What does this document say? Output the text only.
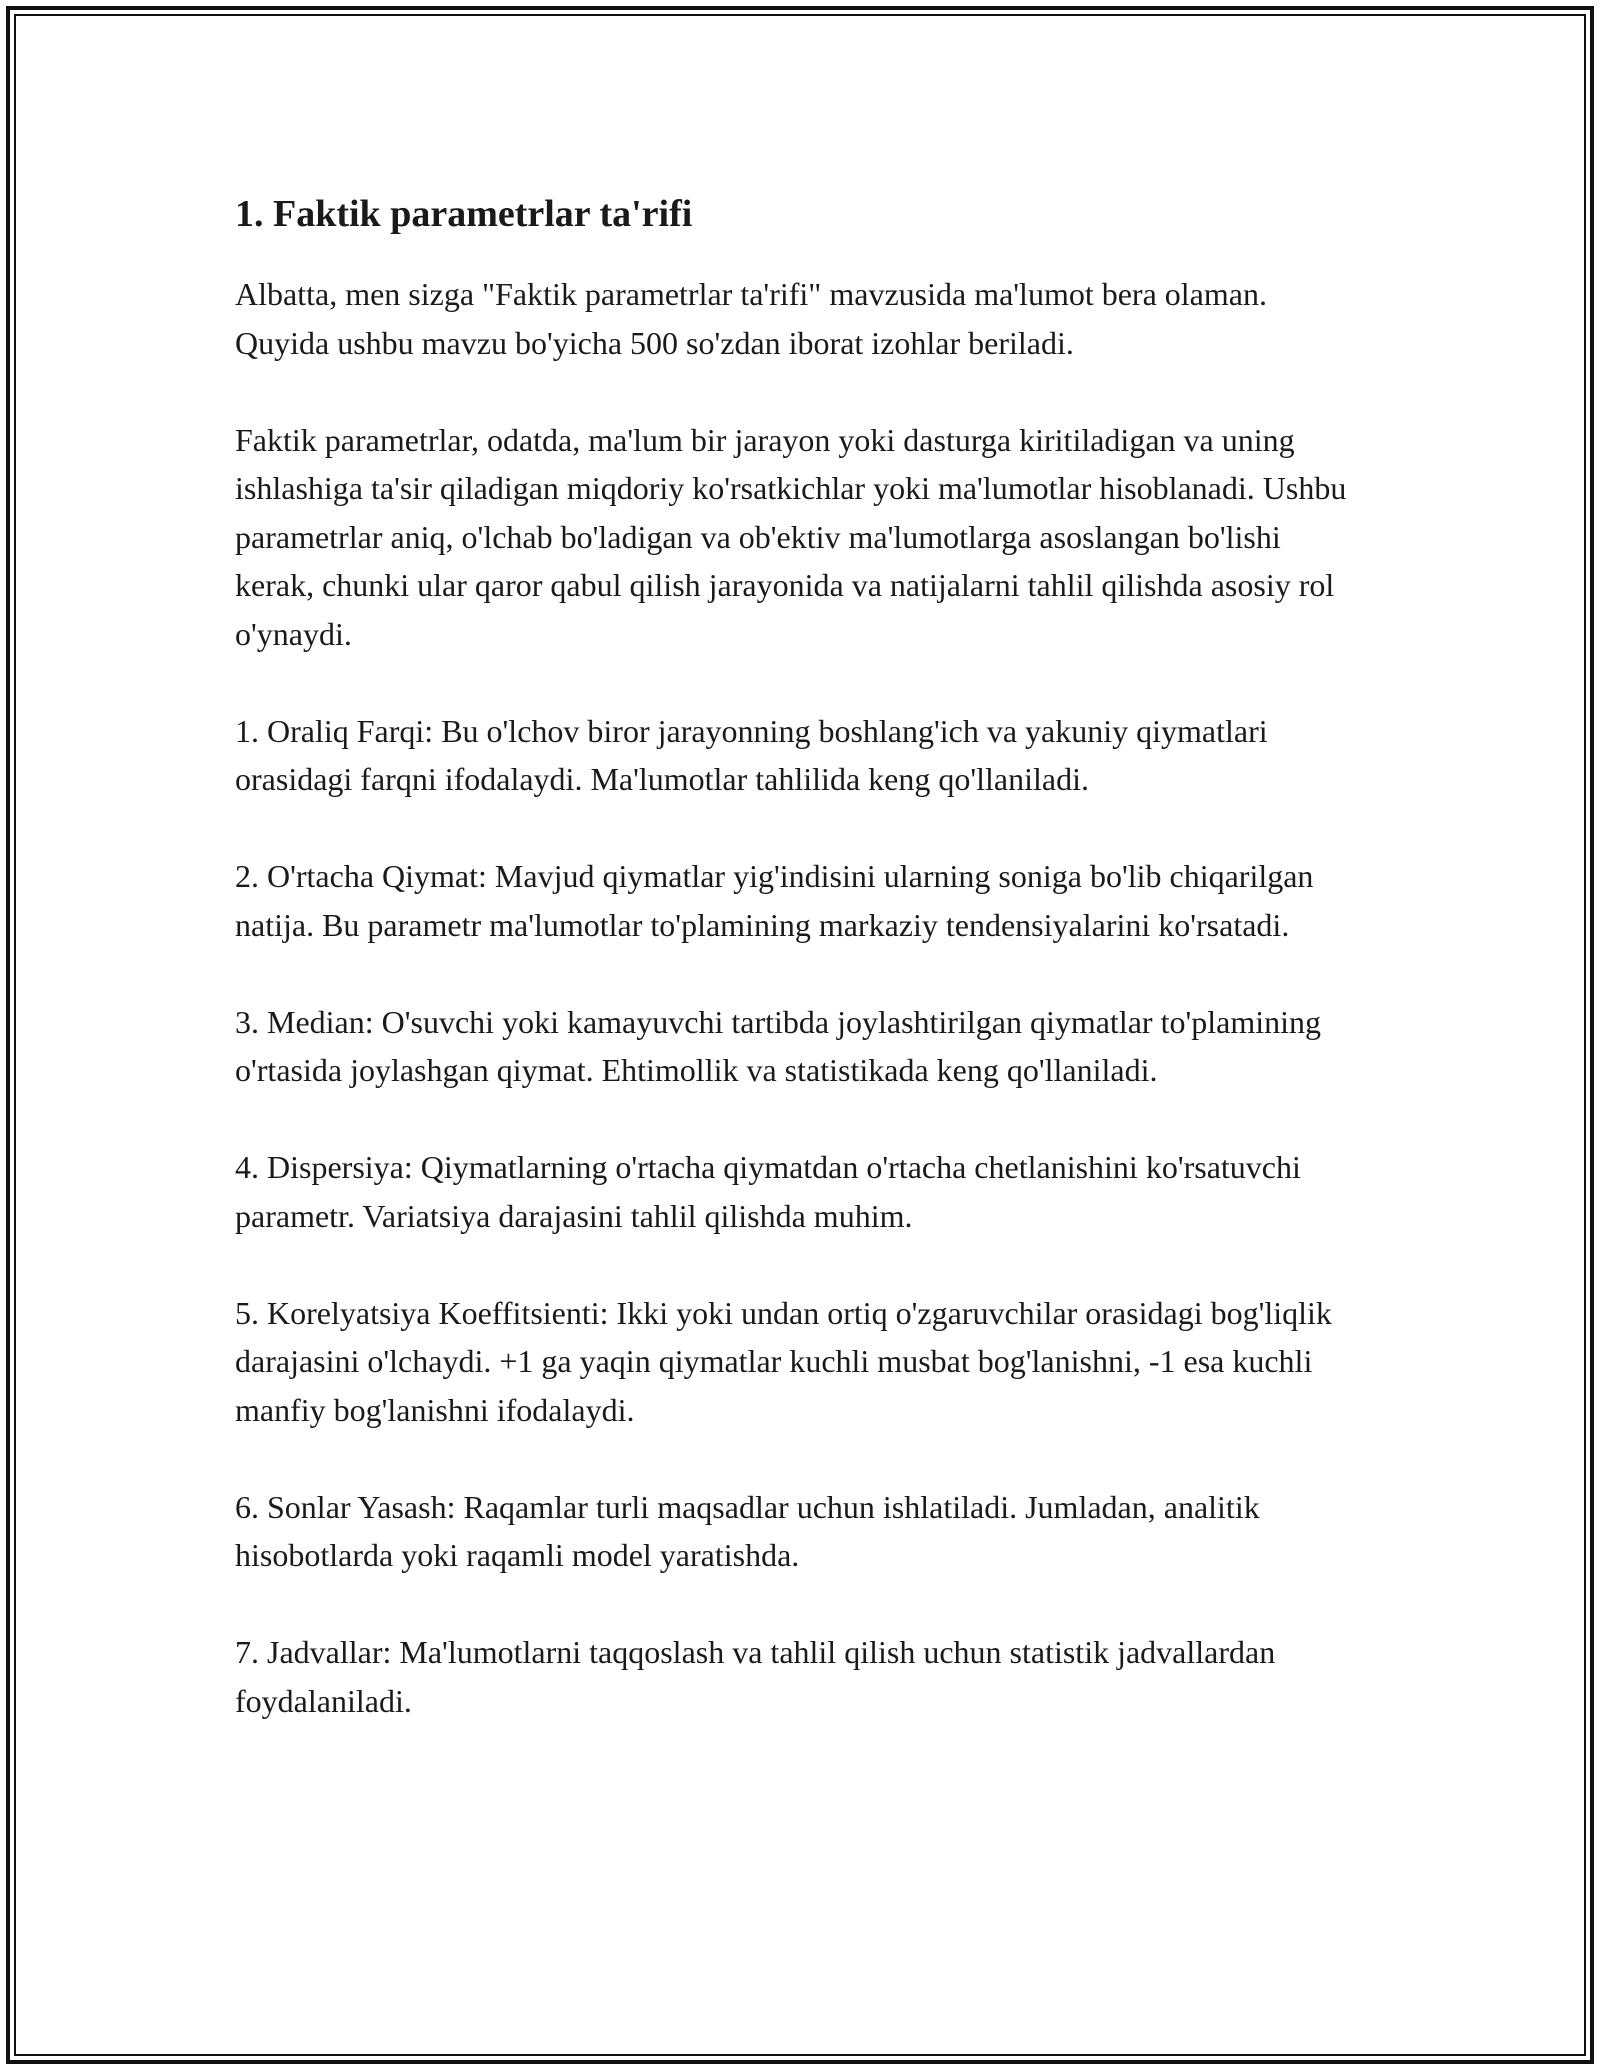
1. Faktik parametrlar ta'rifi

Albatta, men sizga "Faktik parametrlar ta'rifi" mavzusida ma'lumot bera olaman. Quyida ushbu mavzu bo'yicha 500 so'zdan iborat izohlar beriladi.

Faktik parametrlar, odatda, ma'lum bir jarayon yoki dasturga kiritiladigan va uning ishlashiga ta'sir qiladigan miqdoriy ko'rsatkichlar yoki ma'lumotlar hisoblanadi. Ushbu parametrlar aniq, o'lchab bo'ladigan va ob'ektiv ma'lumotlarga asoslangan bo'lishi kerak, chunki ular qaror qabul qilish jarayonida va natijalarni tahlil qilishda asosiy rol o'ynaydi.

1. Oraliq Farqi: Bu o'lchov biror jarayonning boshlang'ich va yakuniy qiymatlari orasidagi farqni ifodalaydi. Ma'lumotlar tahlilida keng qo'llaniladi.

2. O'rtacha Qiymat: Mavjud qiymatlar yig'indisini ularning soniga bo'lib chiqarilgan natija. Bu parametr ma'lumotlar to'plamining markaziy tendensiyalarini ko'rsatadi.

3. Median: O'suvchi yoki kamayuvchi tartibda joylashtirilgan qiymatlar to'plamining o'rtasida joylashgan qiymat. Ehtimollik va statistikada keng qo'llaniladi.

4. Dispersiya: Qiymatlarning o'rtacha qiymatdan o'rtacha chetlanishini ko'rsatuvchi parametr. Variatsiya darajasini tahlil qilishda muhim.

5. Korelyatsiya Koeffitsienti: Ikki yoki undan ortiq o'zgaruvchilar orasidagi bog'liqlik darajasini o'lchaydi. +1 ga yaqin qiymatlar kuchli musbat bog'lanishni, -1 esa kuchli manfiy bog'lanishni ifodalaydi.

6. Sonlar Yasash: Raqamlar turli maqsadlar uchun ishlatiladi. Jumladan, analitik hisobotlarda yoki raqamli model yaratishda.

7. Jadvallar: Ma'lumotlarni taqqoslash va tahlil qilish uchun statistik jadvallardan foydalaniladi.
